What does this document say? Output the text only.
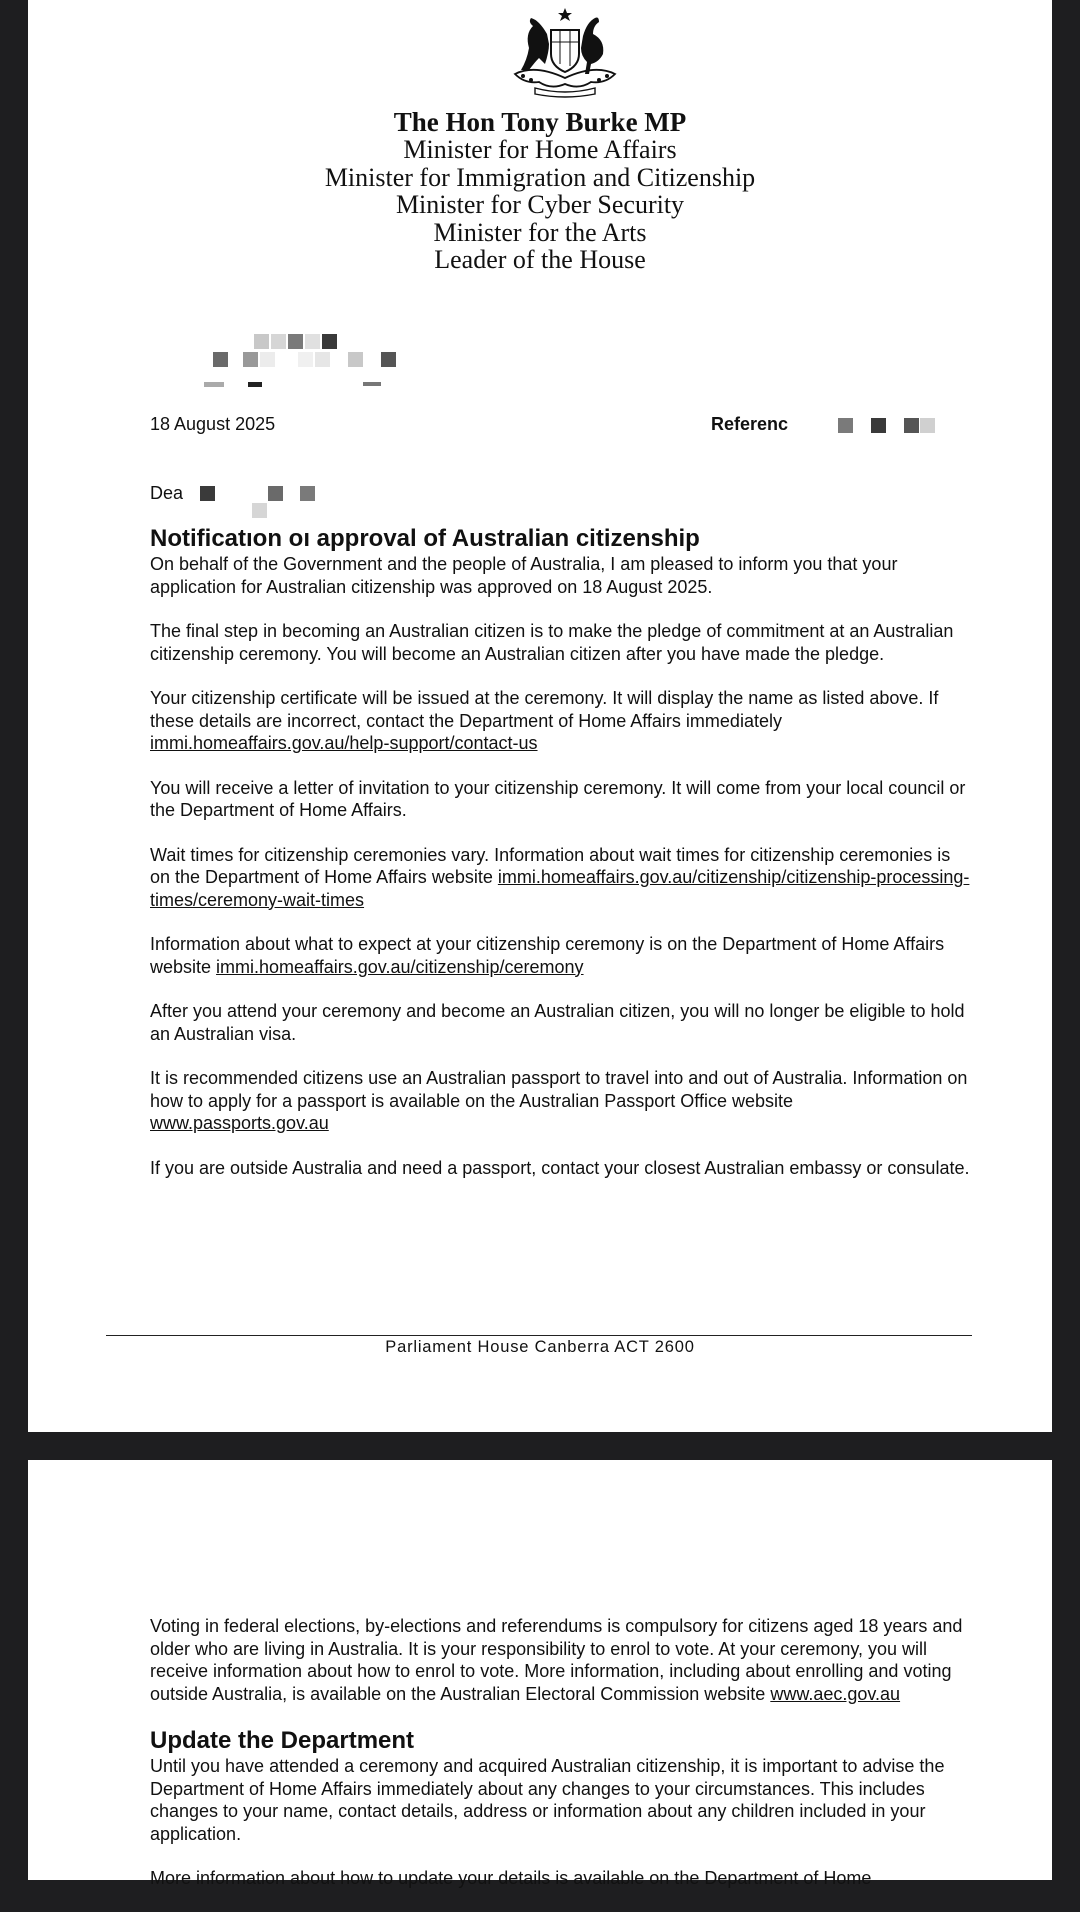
The Hon Tony Burke MP
Minister for Home Affairs
Minister for Immigration and Citizenship
Minister for Cyber Security
Minister for the Arts
Leader of the House
18 August 2025	Referenc
Dea
Notificatıon oı approval of Australian citizenship

On behalf of the Government and the people of Australia, I am pleased to inform you that your application for Australian citizenship was approved on 18 August 2025.

The final step in becoming an Australian citizen is to make the pledge of commitment at an Australian citizenship ceremony. You will become an Australian citizen after you have made the pledge.

Your citizenship certificate will be issued at the ceremony. It will display the name as listed above. If these details are incorrect, contact the Department of Home Affairs immediately immi.homeaffairs.gov.au/help-support/contact-us

You will receive a letter of invitation to your citizenship ceremony. It will come from your local council or the Department of Home Affairs.

Wait times for citizenship ceremonies vary. Information about wait times for citizenship ceremonies is on the Department of Home Affairs website immi.homeaffairs.gov.au/citizenship/citizenship-processing-times/ceremony-wait-times

Information about what to expect at your citizenship ceremony is on the Department of Home Affairs website immi.homeaffairs.gov.au/citizenship/ceremony

After you attend your ceremony and become an Australian citizen, you will no longer be eligible to hold an Australian visa.

It is recommended citizens use an Australian passport to travel into and out of Australia. Information on how to apply for a passport is available on the Australian Passport Office website www.passports.gov.au

If you are outside Australia and need a passport, contact your closest Australian embassy or consulate.

Parliament House Canberra ACT 2600

Voting in federal elections, by-elections and referendums is compulsory for citizens aged 18 years and older who are living in Australia. It is your responsibility to enrol to vote. At your ceremony, you will receive information about how to enrol to vote. More information, including about enrolling and voting outside Australia, is available on the Australian Electoral Commission website www.aec.gov.au

Update the Department

Until you have attended a ceremony and acquired Australian citizenship, it is important to advise the Department of Home Affairs immediately about any changes to your circumstances. This includes changes to your name, contact details, address or information about any children included in your application.

More information about how to update your details is available on the Department of Home
